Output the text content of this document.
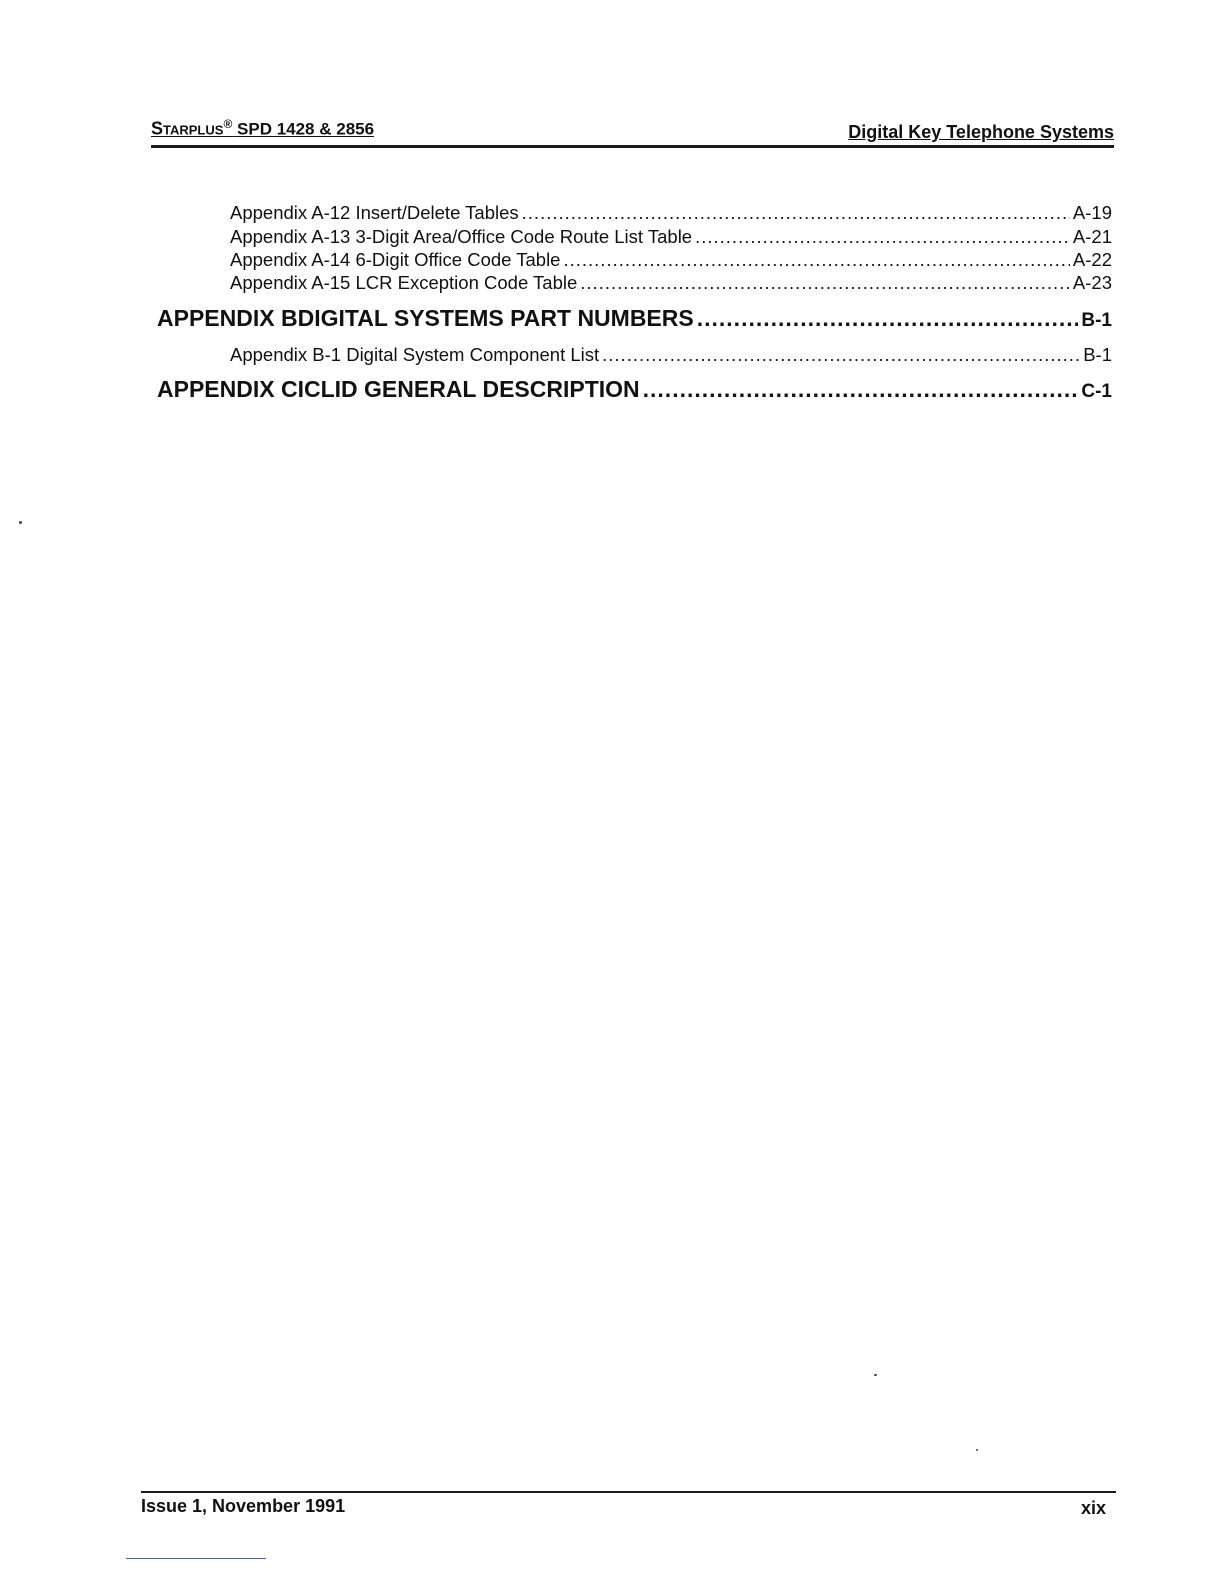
Starplus® SPD 1428 & 2856	Digital Key Telephone Systems
Appendix A-12 Insert/Delete Tables .....	A-19
Appendix A-13 3-Digit Area/Office Code Route List Table .....	A-21
Appendix A-14 6-Digit Office Code Table .....	A-22
Appendix A-15 LCR Exception Code Table .....	A-23
APPENDIX B DIGITAL SYSTEMS PART NUMBERS .....	B-1
Appendix B-1 Digital System Component List .....	B-1
APPENDIX C ICLID GENERAL DESCRIPTION .....	C-1
Issue 1, November 1991	xix
